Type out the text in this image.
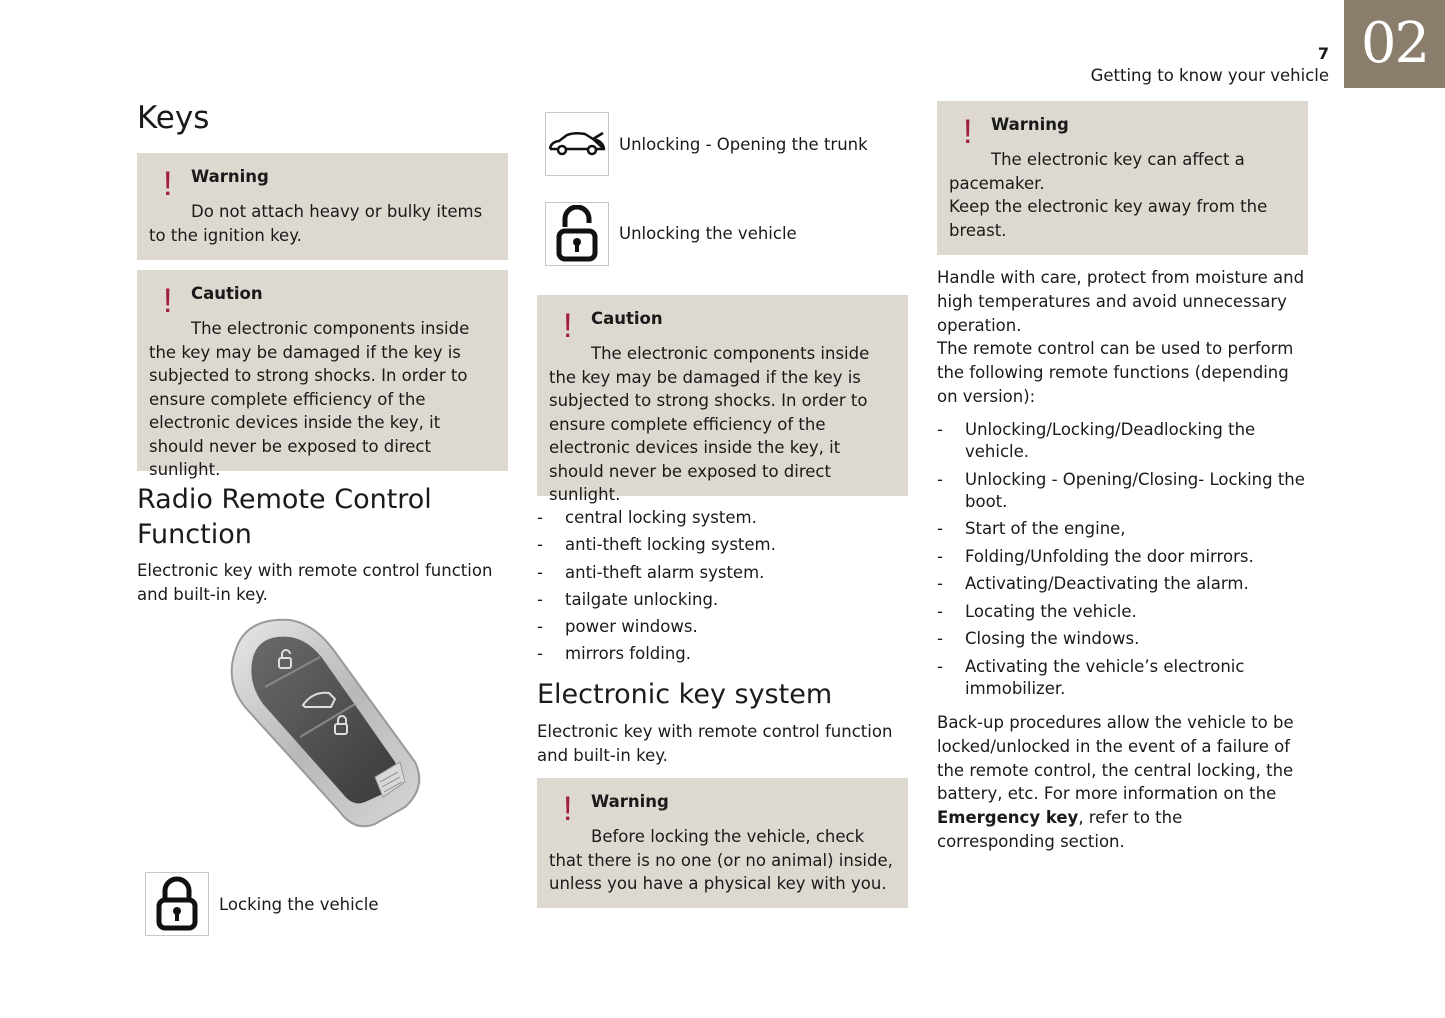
02
7
Getting to know your vehicle
Keys
! Warning
Do not attach heavy or bulky items to the ignition key.
! Caution
The electronic components inside the key may be damaged if the key is subjected to strong shocks. In order to ensure complete efficiency of the electronic devices inside the key, it should never be exposed to direct sunlight.
Radio Remote Control
Function
Electronic key with remote control function and built-in key.
Locking the vehicle
Unlocking - Opening the trunk
Unlocking the vehicle
! Caution
The electronic components inside the key may be damaged if the key is subjected to strong shocks. In order to ensure complete efficiency of the electronic devices inside the key, it should never be exposed to direct sunlight.
- central locking system.
- anti-theft locking system.
- anti-theft alarm system.
- tailgate unlocking.
- power windows.
- mirrors folding.
Electronic key system
Electronic key with remote control function and built-in key.
! Warning
Before locking the vehicle, check that there is no one (or no animal) inside, unless you have a physical key with you.
! Warning
The electronic key can affect a pacemaker.
Keep the electronic key away from the breast.
Handle with care, protect from moisture and high temperatures and avoid unnecessary operation.
The remote control can be used to perform the following remote functions (depending on version):
- Unlocking/Locking/Deadlocking the vehicle.
- Unlocking - Opening/Closing- Locking the boot.
- Start of the engine,
- Folding/Unfolding the door mirrors.
- Activating/Deactivating the alarm.
- Locating the vehicle.
- Closing the windows.
- Activating the vehicle’s electronic immobilizer.
Back-up procedures allow the vehicle to be locked/unlocked in the event of a failure of the remote control, the central locking, the battery, etc. For more information on the Emergency key, refer to the corresponding section.
